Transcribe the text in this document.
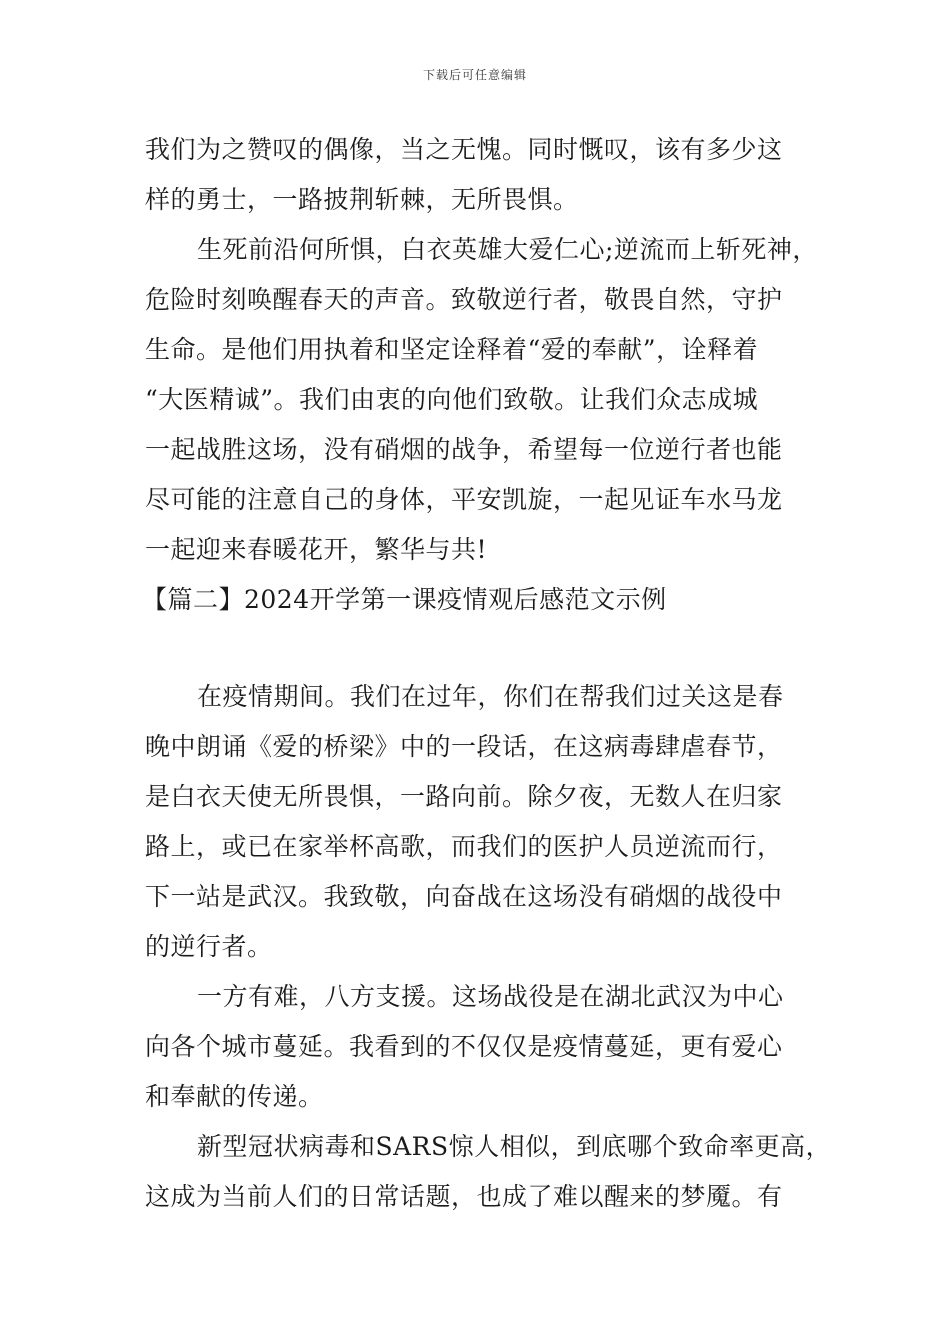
下载后可任意编辑
我们为之赞叹的偶像，当之无愧。同时慨叹，该有多少这
样的勇士，一路披荆斩棘，无所畏惧。
生死前沿何所惧，白衣英雄大爱仁心;逆流而上斩死神，
危险时刻唤醒春天的声音。致敬逆行者，敬畏自然，守护
生命。是他们用执着和坚定诠释着“爱的奉献”，诠释着
“大医精诚”。我们由衷的向他们致敬。让我们众志成城
一起战胜这场，没有硝烟的战争，希望每一位逆行者也能
尽可能的注意自己的身体，平安凯旋，一起见证车水马龙
一起迎来春暖花开，繁华与共!
【篇二】2024开学第一课疫情观后感范文示例
在疫情期间。我们在过年，你们在帮我们过关这是春
晚中朗诵《爱的桥梁》中的一段话，在这病毒肆虐春节，
是白衣天使无所畏惧，一路向前。除夕夜，无数人在归家
路上，或已在家举杯高歌，而我们的医护人员逆流而行，
下一站是武汉。我致敬，向奋战在这场没有硝烟的战役中
的逆行者。
一方有难，八方支援。这场战役是在湖北武汉为中心
向各个城市蔓延。我看到的不仅仅是疫情蔓延，更有爱心
和奉献的传递。
新型冠状病毒和SARS惊人相似，到底哪个致命率更高，
这成为当前人们的日常话题，也成了难以醒来的梦魇。有
